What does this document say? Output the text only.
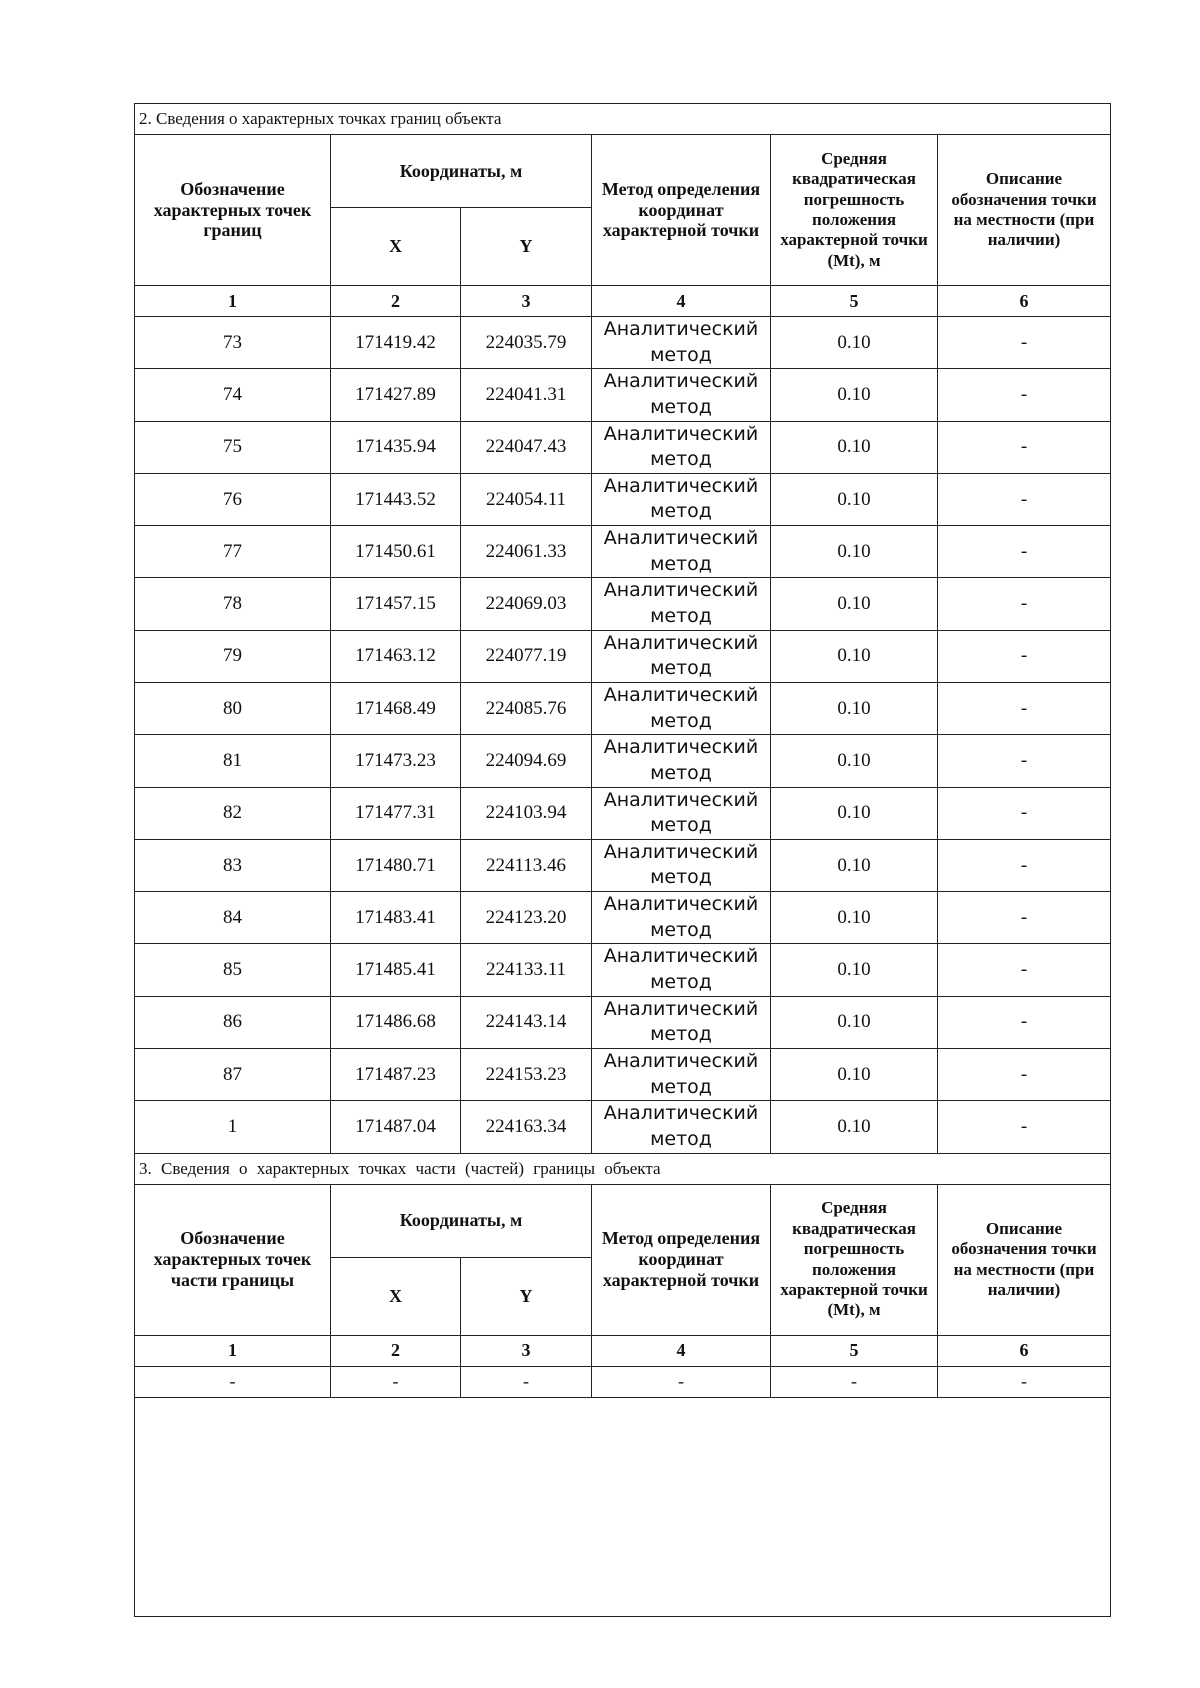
2. Сведения о характерных точках границ объекта					
Обозначение характерных точек границ	Координаты, м		Метод определения координат характерной точки	Средняя квадратическая погрешность положения характерной точки (Mt), м	Описание обозначения точки на местности (при наличии)
	X	Y			
1	2	3	4	5	6
73	171419.42	224035.79	Аналитический метод	0.10	-
74	171427.89	224041.31	Аналитический метод	0.10	-
75	171435.94	224047.43	Аналитический метод	0.10	-
76	171443.52	224054.11	Аналитический метод	0.10	-
77	171450.61	224061.33	Аналитический метод	0.10	-
78	171457.15	224069.03	Аналитический метод	0.10	-
79	171463.12	224077.19	Аналитический метод	0.10	-
80	171468.49	224085.76	Аналитический метод	0.10	-
81	171473.23	224094.69	Аналитический метод	0.10	-
82	171477.31	224103.94	Аналитический метод	0.10	-
83	171480.71	224113.46	Аналитический метод	0.10	-
84	171483.41	224123.20	Аналитический метод	0.10	-
85	171485.41	224133.11	Аналитический метод	0.10	-
86	171486.68	224143.14	Аналитический метод	0.10	-
87	171487.23	224153.23	Аналитический метод	0.10	-
1	171487.04	224163.34	Аналитический метод	0.10	-
3. Сведения о характерных точках части (частей) границы объекта					
Обозначение характерных точек части границы	Координаты, м		Метод определения координат характерной точки	Средняя квадратическая погрешность положения характерной точки (Mt), м	Описание обозначения точки на местности (при наличии)
	X	Y			
1	2	3	4	5	6
-	-	-	-	-	-
